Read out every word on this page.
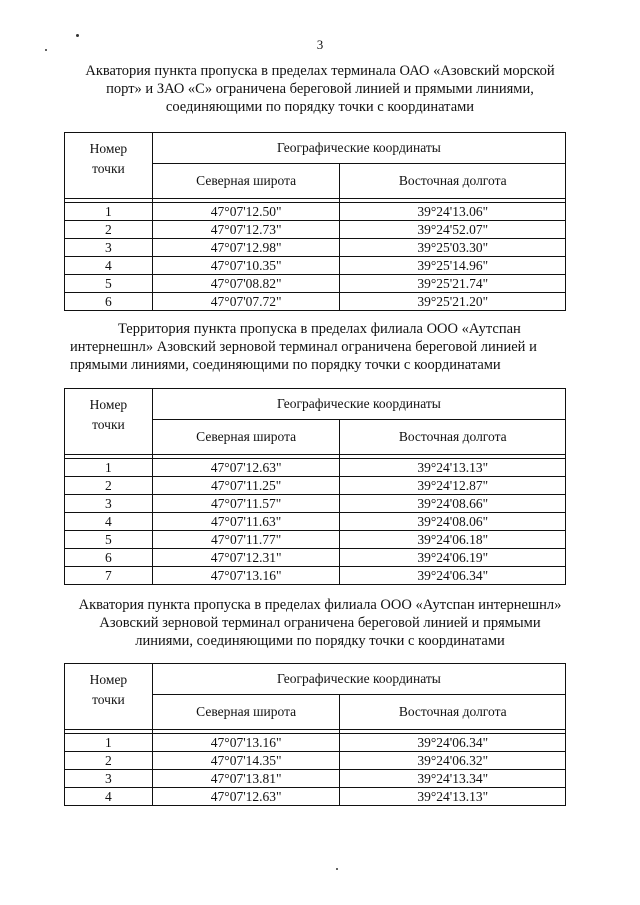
3
Акватория пункта пропуска в пределах терминала ОАО «Азовский морской
порт» и ЗАО «С» ограничена береговой линией и прямыми линиями,
соединяющими по порядку точки с координатами
Номер
точки	Географические координаты	
	Северная широта	Восточная долгота

1	47°07'12.50"	39°24'13.06"
2	47°07'12.73"	39°24'52.07"
3	47°07'12.98"	39°25'03.30"
4	47°07'10.35"	39°25'14.96"
5	47°07'08.82"	39°25'21.74"
6	47°07'07.72"	39°25'21.20"
Территория пункта пропуска в пределах филиала ООО «Аутспан
интернешнл» Азовский зерновой терминал ограничена береговой линией и
прямыми линиями, соединяющими по порядку точки с координатами
Номер
точки	Географические координаты	
	Северная широта	Восточная долгота

1	47°07'12.63"	39°24'13.13"
2	47°07'11.25"	39°24'12.87"
3	47°07'11.57"	39°24'08.66"
4	47°07'11.63"	39°24'08.06"
5	47°07'11.77"	39°24'06.18"
6	47°07'12.31"	39°24'06.19"
7	47°07'13.16"	39°24'06.34"
Акватория пункта пропуска в пределах филиала ООО «Аутспан интернешнл»
Азовский зерновой терминал ограничена береговой линией и прямыми
линиями, соединяющими по порядку точки с координатами
Номер
точки	Географические координаты	
	Северная широта	Восточная долгота

1	47°07'13.16"	39°24'06.34"
2	47°07'14.35"	39°24'06.32"
3	47°07'13.81"	39°24'13.34"
4	47°07'12.63"	39°24'13.13"
